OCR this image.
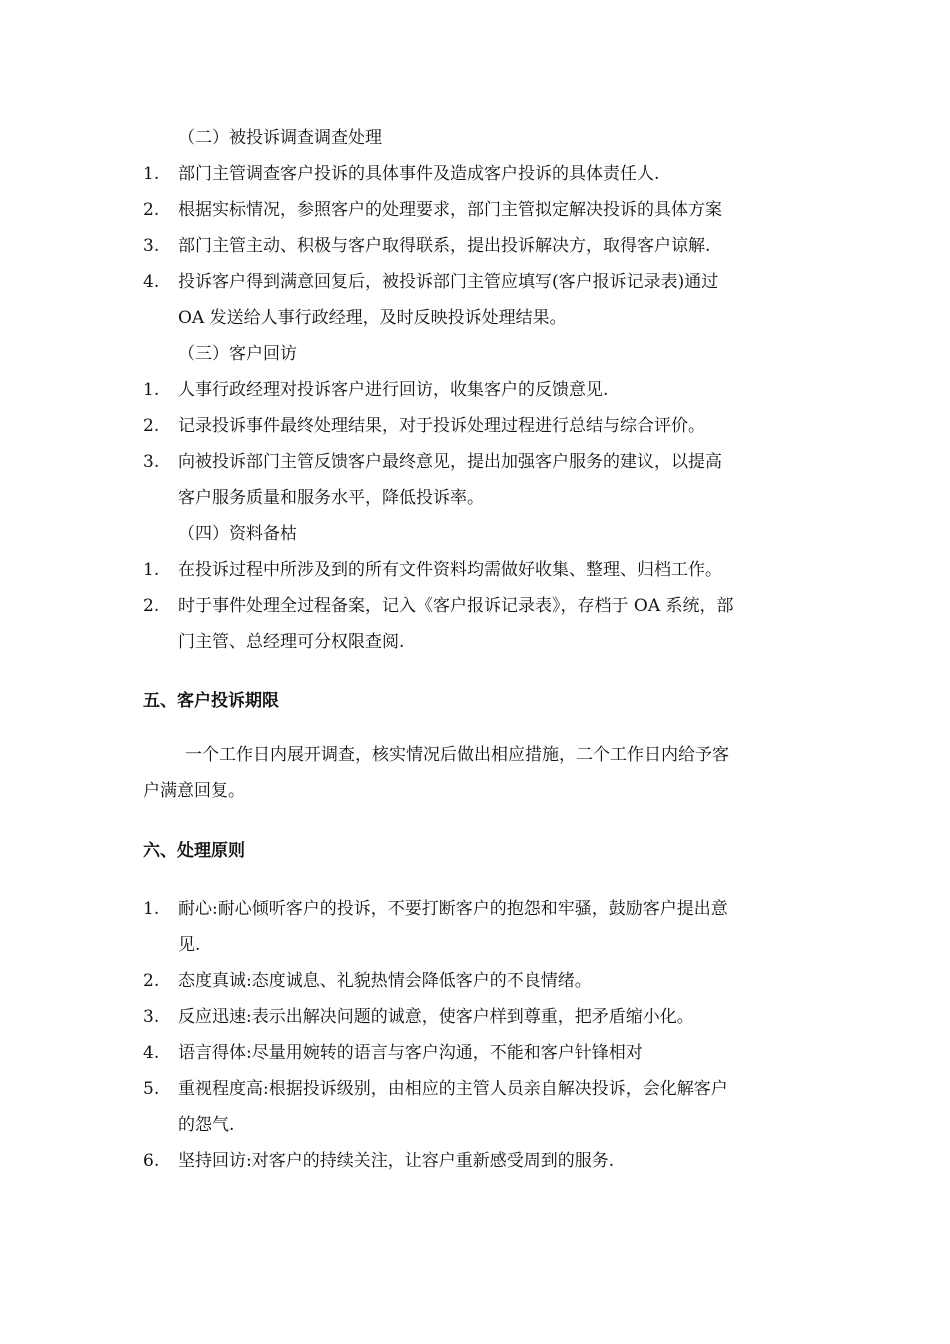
（二）被投诉调查调查处理
1. 部门主管调查客户投诉的具体事件及造成客户投诉的具体责任人.
2. 根据实标情况，参照客户的处理要求，部门主管拟定解决投诉的具体方案
3. 部门主管主动、积极与客户取得联系，提出投诉解决方，取得客户谅解.
4. 投诉客户得到满意回复后，被投诉部门主管应填写(客户报诉记录表)通过
OA 发送给人事行政经理，及时反映投诉处理结果。
（三）客户回访
1. 人事行政经理对投诉客户进行回访，收集客户的反馈意见.
2. 记录投诉事件最终处理结果，对于投诉处理过程进行总结与综合评价。
3. 向被投诉部门主管反馈客户最终意见，提出加强客户服务的建议，以提高
客户服务质量和服务水平，降低投诉率。
（四）资料备枯
1. 在投诉过程中所涉及到的所有文件资料均需做好收集、整理、归档工作。
2. 时于事件处理全过程备案，记入《客户报诉记录表》，存档于 OA 系统，部
门主管、总经理可分权限查阅.
五、客户投诉期限
一个工作日内展开调查，核实情况后做出相应措施，二个工作日内给予客
户满意回复。
六、处理原则
1. 耐心:耐心倾听客户的投诉，不要打断客户的抱怨和牢骚，鼓励客户提出意
见.
2. 态度真诚:态度诚息、礼貌热情会降低客户的不良情绪。
3. 反应迅速:表示出解决问题的诚意，使客户样到尊重，把矛盾缩小化。
4. 语言得体:尽量用婉转的语言与客户沟通，不能和客户针锋相对
5. 重视程度高:根据投诉级别，由相应的主管人员亲自解决投诉，会化解客户
的怨气.
6. 坚持回访:对客户的持续关注，让容户重新感受周到的服务.
